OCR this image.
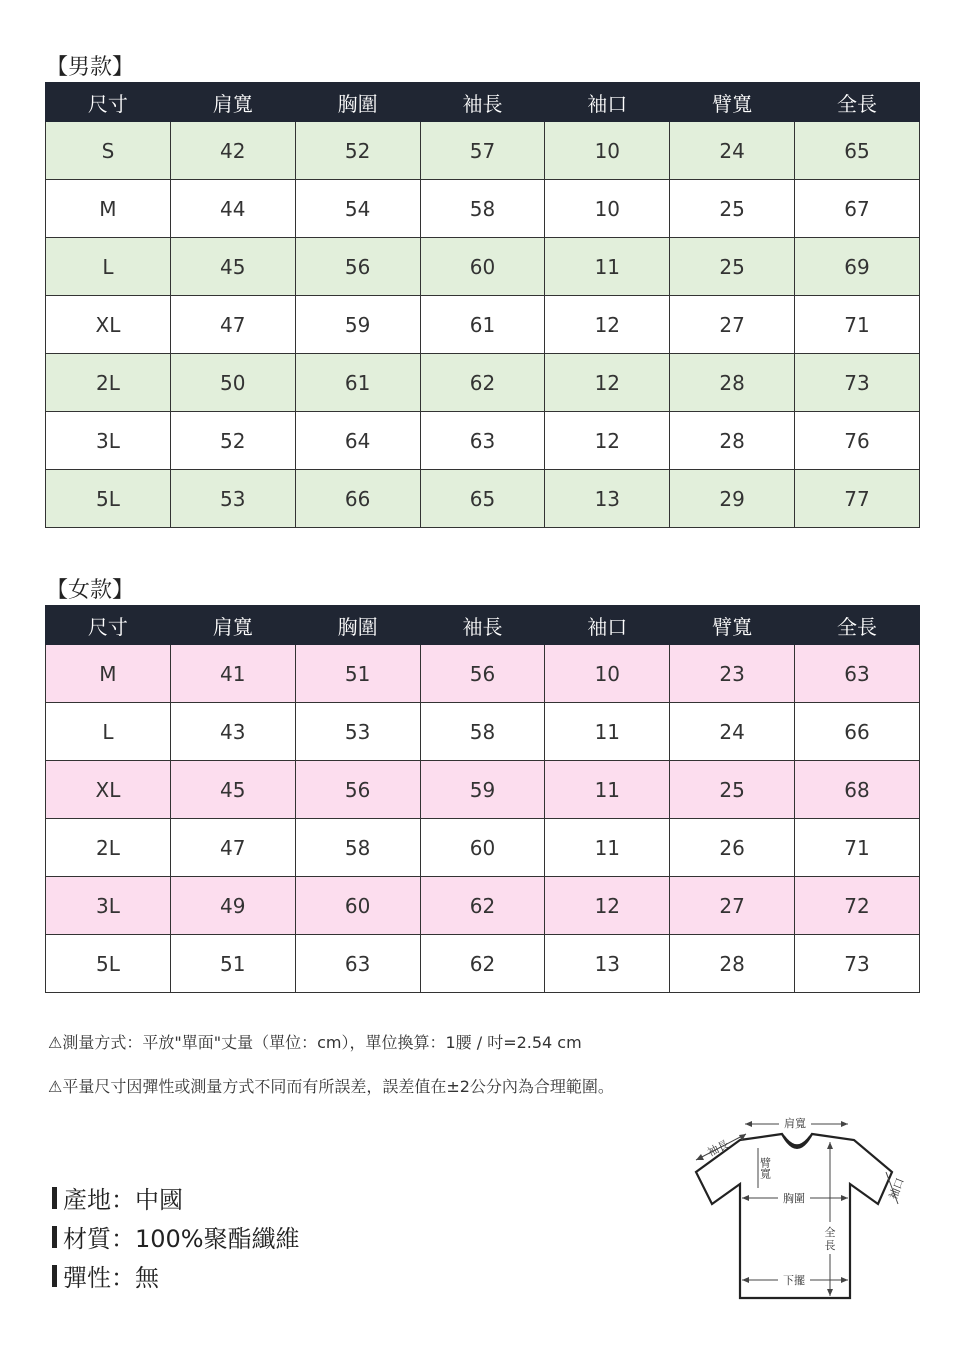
【男款】
尺寸	肩寬	胸圍	袖長	袖口	臂寬	全長
S	42	52	57	10	24	65
M	44	54	58	10	25	67
L	45	56	60	11	25	69
XL	47	59	61	12	27	71
2L	50	61	62	12	28	73
3L	52	64	63	12	28	76
5L	53	66	65	13	29	77
【女款】
尺寸	肩寬	胸圍	袖長	袖口	臂寬	全長
M	41	51	56	10	23	63
L	43	53	58	11	24	66
XL	45	56	59	11	25	68
2L	47	58	60	11	26	71
3L	49	60	62	12	27	72
5L	51	63	62	13	28	73
⚠測量方式：平放"單面"丈量（單位：cm），單位換算：1腰 / 吋=2.54 cm
⚠平量尺寸因彈性或測量方式不同而有所誤差，誤差值在±2公分內為合理範圍。
產地：中國
材質：100%聚酯纖維
彈性：無
肩寬
袖長
臂寬
胸圍	袖口
全
長
下擺
